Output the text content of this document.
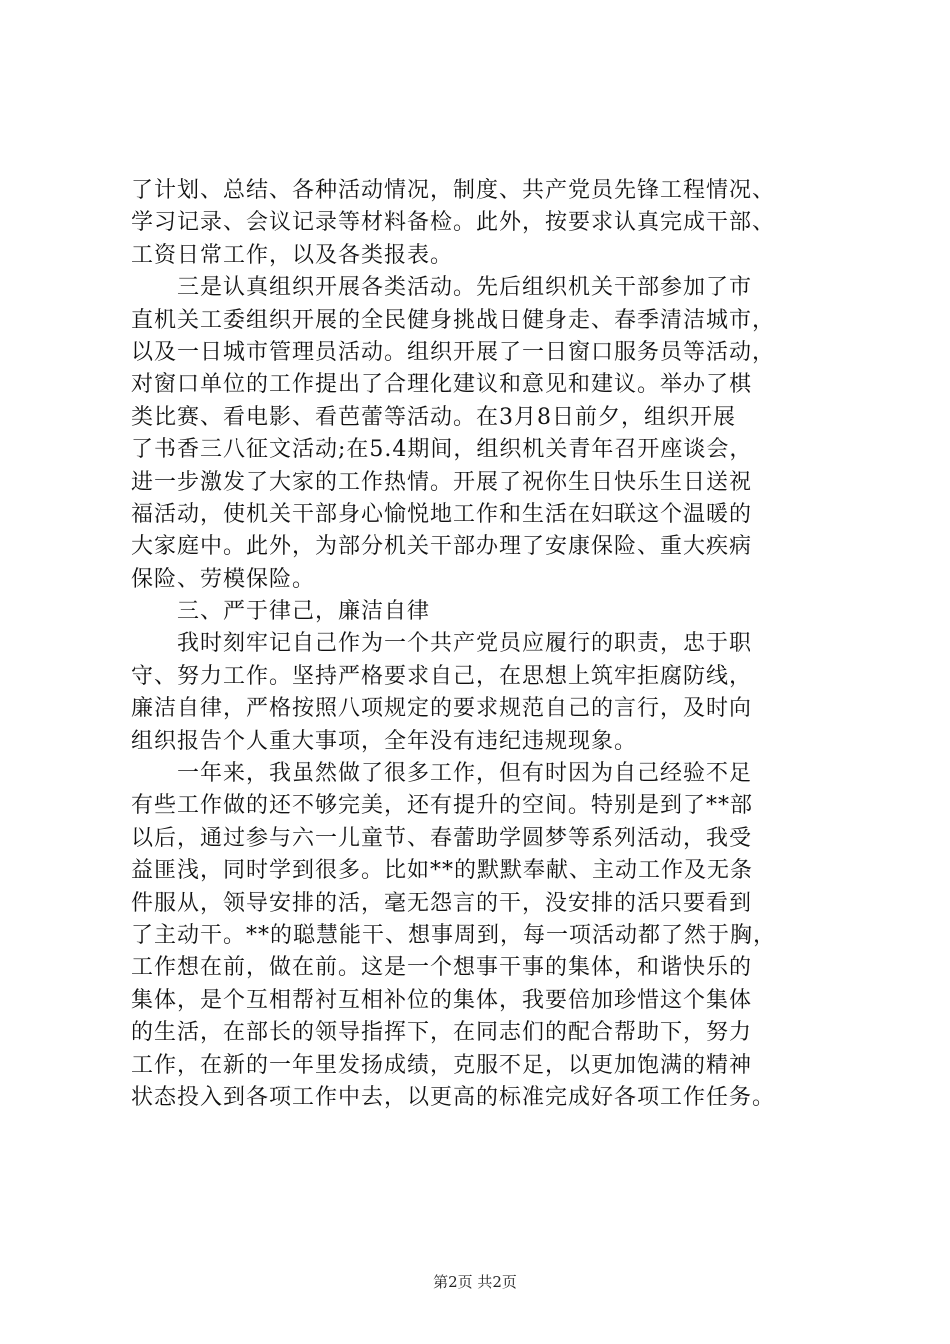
了计划、总结、各种活动情况，制度、共产党员先锋工程情况、
学习记录、会议记录等材料备检。此外，按要求认真完成干部、
工资日常工作，以及各类报表。
　　三是认真组织开展各类活动。先后组织机关干部参加了市
直机关工委组织开展的全民健身挑战日健身走、春季清洁城市，
以及一日城市管理员活动。组织开展了一日窗口服务员等活动，
对窗口单位的工作提出了合理化建议和意见和建议。举办了棋
类比赛、看电影、看芭蕾等活动。在3月8日前夕，组织开展
了书香三八征文活动;在5.4期间，组织机关青年召开座谈会，
进一步激发了大家的工作热情。开展了祝你生日快乐生日送祝
福活动，使机关干部身心愉悦地工作和生活在妇联这个温暖的
大家庭中。此外，为部分机关干部办理了安康保险、重大疾病
保险、劳模保险。
　　三、严于律己，廉洁自律
　　我时刻牢记自己作为一个共产党员应履行的职责，忠于职
守、努力工作。坚持严格要求自己，在思想上筑牢拒腐防线，
廉洁自律，严格按照八项规定的要求规范自己的言行，及时向
组织报告个人重大事项，全年没有违纪违规现象。
　　一年来，我虽然做了很多工作，但有时因为自己经验不足
有些工作做的还不够完美，还有提升的空间。特别是到了**部
以后，通过参与六一儿童节、春蕾助学圆梦等系列活动，我受
益匪浅，同时学到很多。比如**的默默奉献、主动工作及无条
件服从，领导安排的活，毫无怨言的干，没安排的活只要看到
了主动干。**的聪慧能干、想事周到，每一项活动都了然于胸，
工作想在前，做在前。这是一个想事干事的集体，和谐快乐的
集体，是个互相帮衬互相补位的集体，我要倍加珍惜这个集体
的生活，在部长的领导指挥下，在同志们的配合帮助下，努力
工作，在新的一年里发扬成绩，克服不足，以更加饱满的精神
状态投入到各项工作中去，以更高的标准完成好各项工作任务。
第2页 共2页
